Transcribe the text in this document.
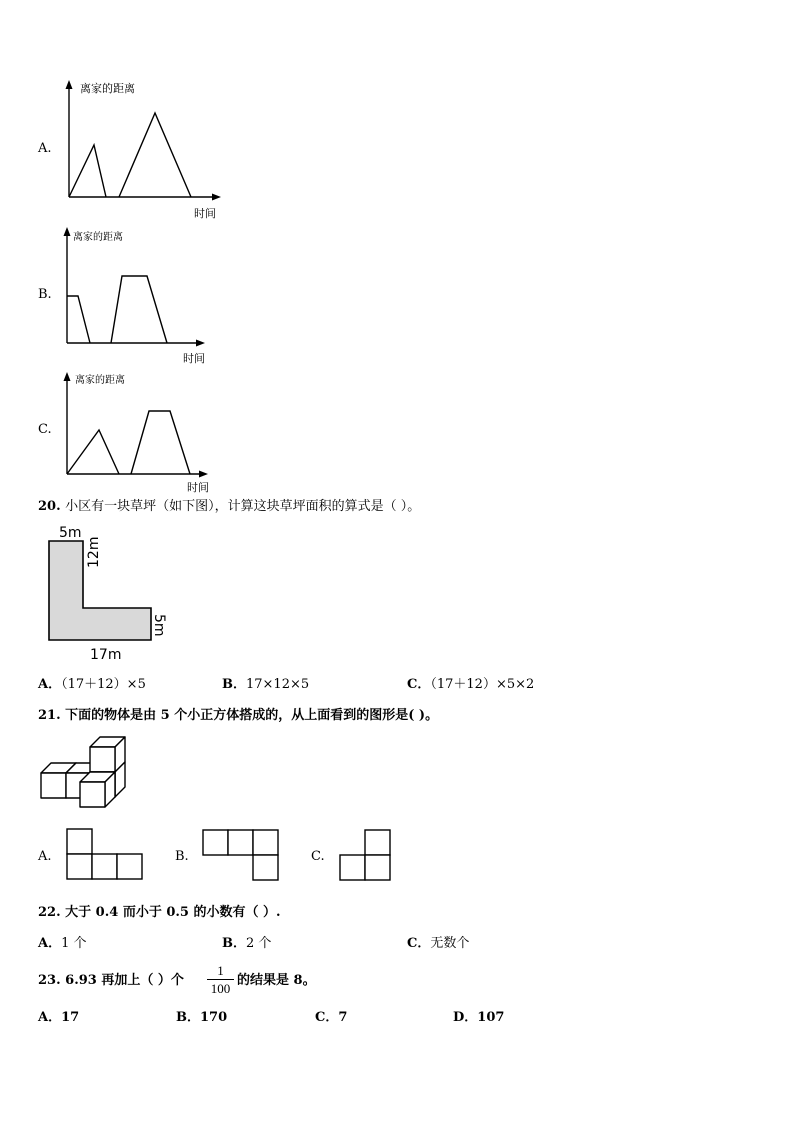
A.
离家的距离
时间
B.
离家的距离
时间
C.
离家的距离
时间
20. 小区有一块草坪（如下图），计算这块草坪面积的算式是（ ）。
5m
12m
5m
17m
A．（17＋12）×5	B．17×12×5	C．（17＋12）×5×2
21. 下面的物体是由 5 个小正方体搭成的，从上面看到的图形是( )。
A.	B.	C.
22. 大于 0.4 而小于 0.5 的小数有（ ）.
A．1 个	B．2 个	C．无数个
23. 6.93 再加上（ ）个
1
100
的结果是 8。
A．17	B．170	C．7	D．107
